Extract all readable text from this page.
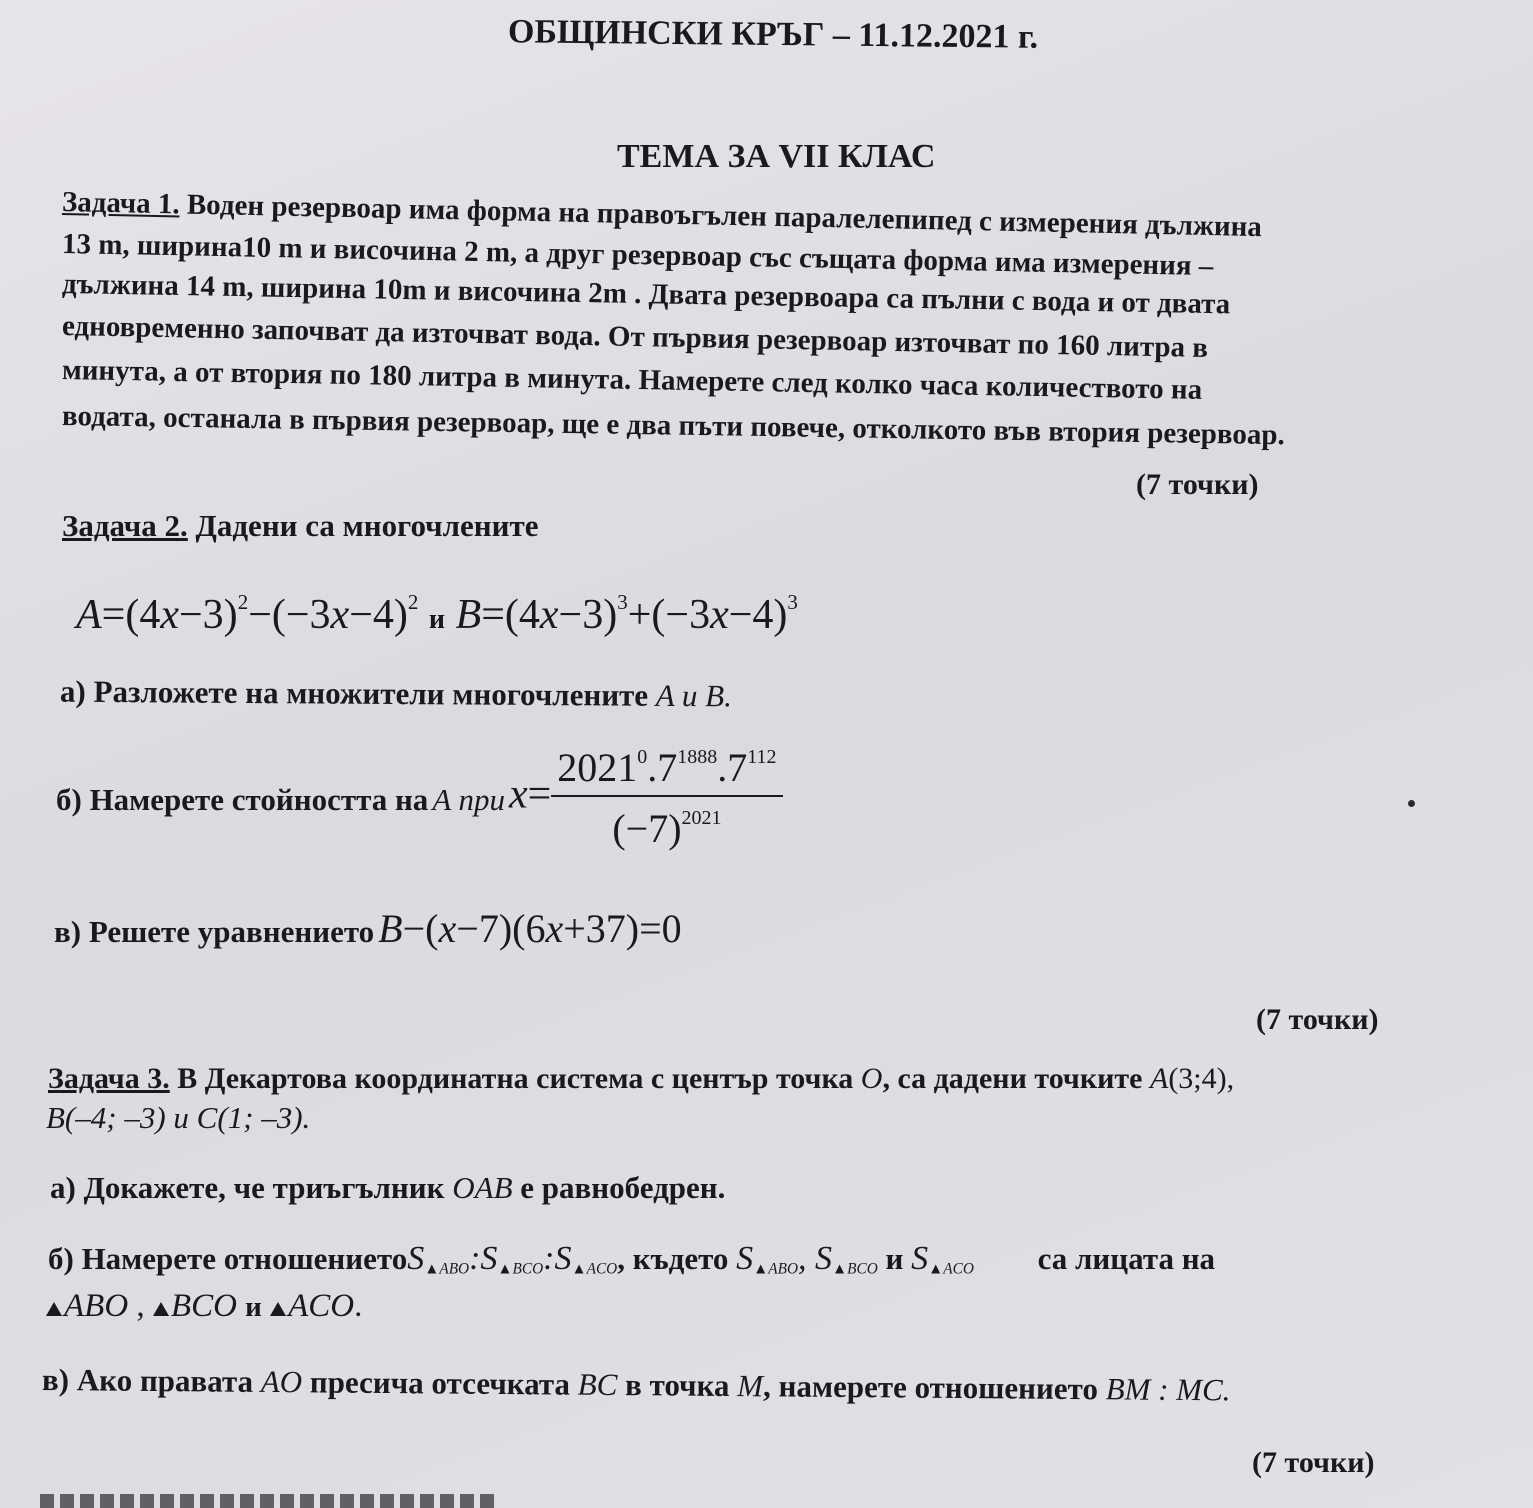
ОБЩИНСКИ КРЪГ – 11.12.2021 г.
ТЕМА ЗА VII КЛАС
Задача 1. Воден резервоар има форма на правоъгълен паралелепипед с измерения дължина
13 m, ширина10 m и височина 2 m, а друг резервоар със същата форма има измерения –
дължина 14 m, ширина 10m и височина 2m . Двата резервоара са пълни с вода и от двата
едновременно започват да източват вода. От първия резервоар източват по 160 литра в
минута, а от втория по 180 литра в минута. Намерете след колко часа количеството на
водата, останала в първия резервоар, ще е два пъти повече, отколкото във втория резервоар.
(7 точки)
Задача 2. Дадени са многочлените
$A=(4x-3)^2-(-3x-4)^2$ и $B=(4x-3)^3+(-3x-4)^3$
а) Разложете на множители многочлените A и B.
б) Намерете стойността на A при $x= \frac{2021^0.7^{1888}.7^{112}}{(-7)^{2021}}$
в) Решете уравнението B−(x−7)(6x+37)=0
(7 точки)
Задача 3. В Декартова координатна система с център точка O, са дадени точките A(3;4),
B(–4; –3) и C(1; –3).
а) Докажете, че триъгълник OAB е равнобедрен.
б) Намерете $отношениетоS_{▲ABO}:S_{▲BCO}:S_{▲ACO}$, където $S_{▲ABO}$, $S_{▲BCO}$ и $S_{▲ACO}$ са лицата на
ABO , BCO и ACO.
в) Ако правата AO пресича отсечката BC в точка M, намерете отношението BM : MC.
(7 точки)
